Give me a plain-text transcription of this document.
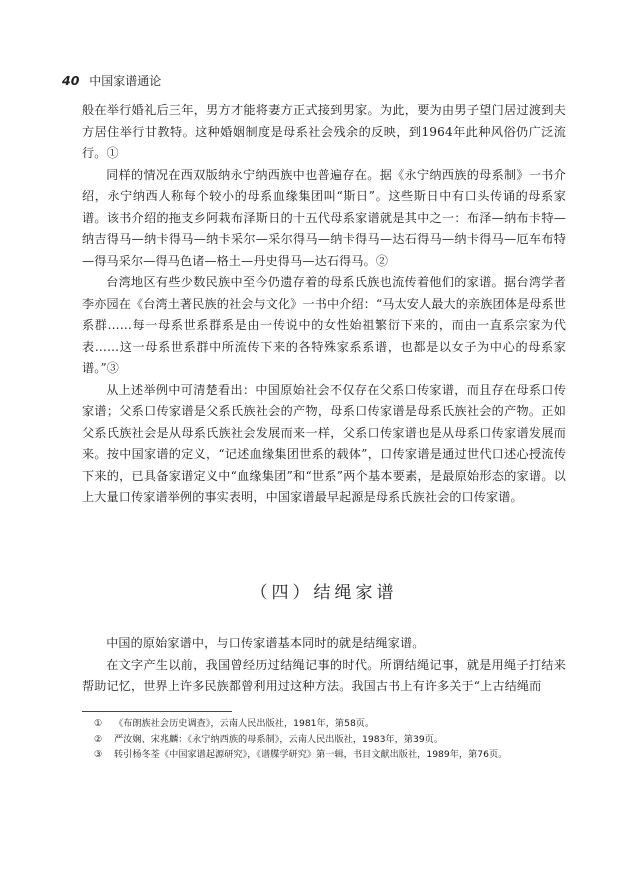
40 中国家谱通论

般在举行婚礼后三年，男方才能将妻方正式接到男家。为此，要为由男子望门居过渡到夫方居住举行甘教特。这种婚姻制度是母系社会残余的反映，到1964年此种风俗仍广泛流行。①

同样的情况在西双版纳永宁纳西族中也普遍存在。据《永宁纳西族的母系制》一书介绍，永宁纳西人称每个较小的母系血缘集团叫“斯日”。这些斯日中有口头传诵的母系家谱。该书介绍的拖支乡阿栽布泽斯日的十五代母系家谱就是其中之一：布泽—纳布卡特—纳吉得马—纳卡得马—纳卡采尔—采尔得马—纳卡得马—达石得马—纳卡得马—厄车布特—得马采尔—得马色诸—格土—丹史得马—达石得马。②

台湾地区有些少数民族中至今仍遗存着的母系氏族也流传着他们的家谱。据台湾学者李亦园在《台湾土著民族的社会与文化》一书中介绍：“马太安人最大的亲族团体是母系世系群……每一母系世系群系是由一传说中的女性始祖繁衍下来的，而由一直系宗家为代表……这一母系世系群中所流传下来的各特殊家系系谱，也都是以女子为中心的母系家谱。”③

从上述举例中可清楚看出：中国原始社会不仅存在父系口传家谱，而且存在母系口传家谱；父系口传家谱是父系氏族社会的产物，母系口传家谱是母系氏族社会的产物。正如父系氏族社会是从母系氏族社会发展而来一样，父系口传家谱也是从母系口传家谱发展而来。按中国家谱的定义，“记述血缘集团世系的载体”，口传家谱是通过世代口述心授流传下来的，已具备家谱定义中“血缘集团”和“世系”两个基本要素，是最原始形态的家谱。以上大量口传家谱举例的事实表明，中国家谱最早起源是母系氏族社会的口传家谱。

（四）结绳家谱

中国的原始家谱中，与口传家谱基本同时的就是结绳家谱。

在文字产生以前，我国曾经历过结绳记事的时代。所谓结绳记事，就是用绳子打结来帮助记忆，世界上许多民族都曾利用过这种方法。我国古书上有许多关于“上古结绳而

① 《布朗族社会历史调查》，云南人民出版社，1981年，第58页。
② 严汝娴、宋兆麟：《永宁纳西族的母系制》，云南人民出版社，1983年，第39页。
③ 转引杨冬荃《中国家谱起源研究》，《谱牒学研究》第一辑，书目文献出版社，1989年，第76页。
